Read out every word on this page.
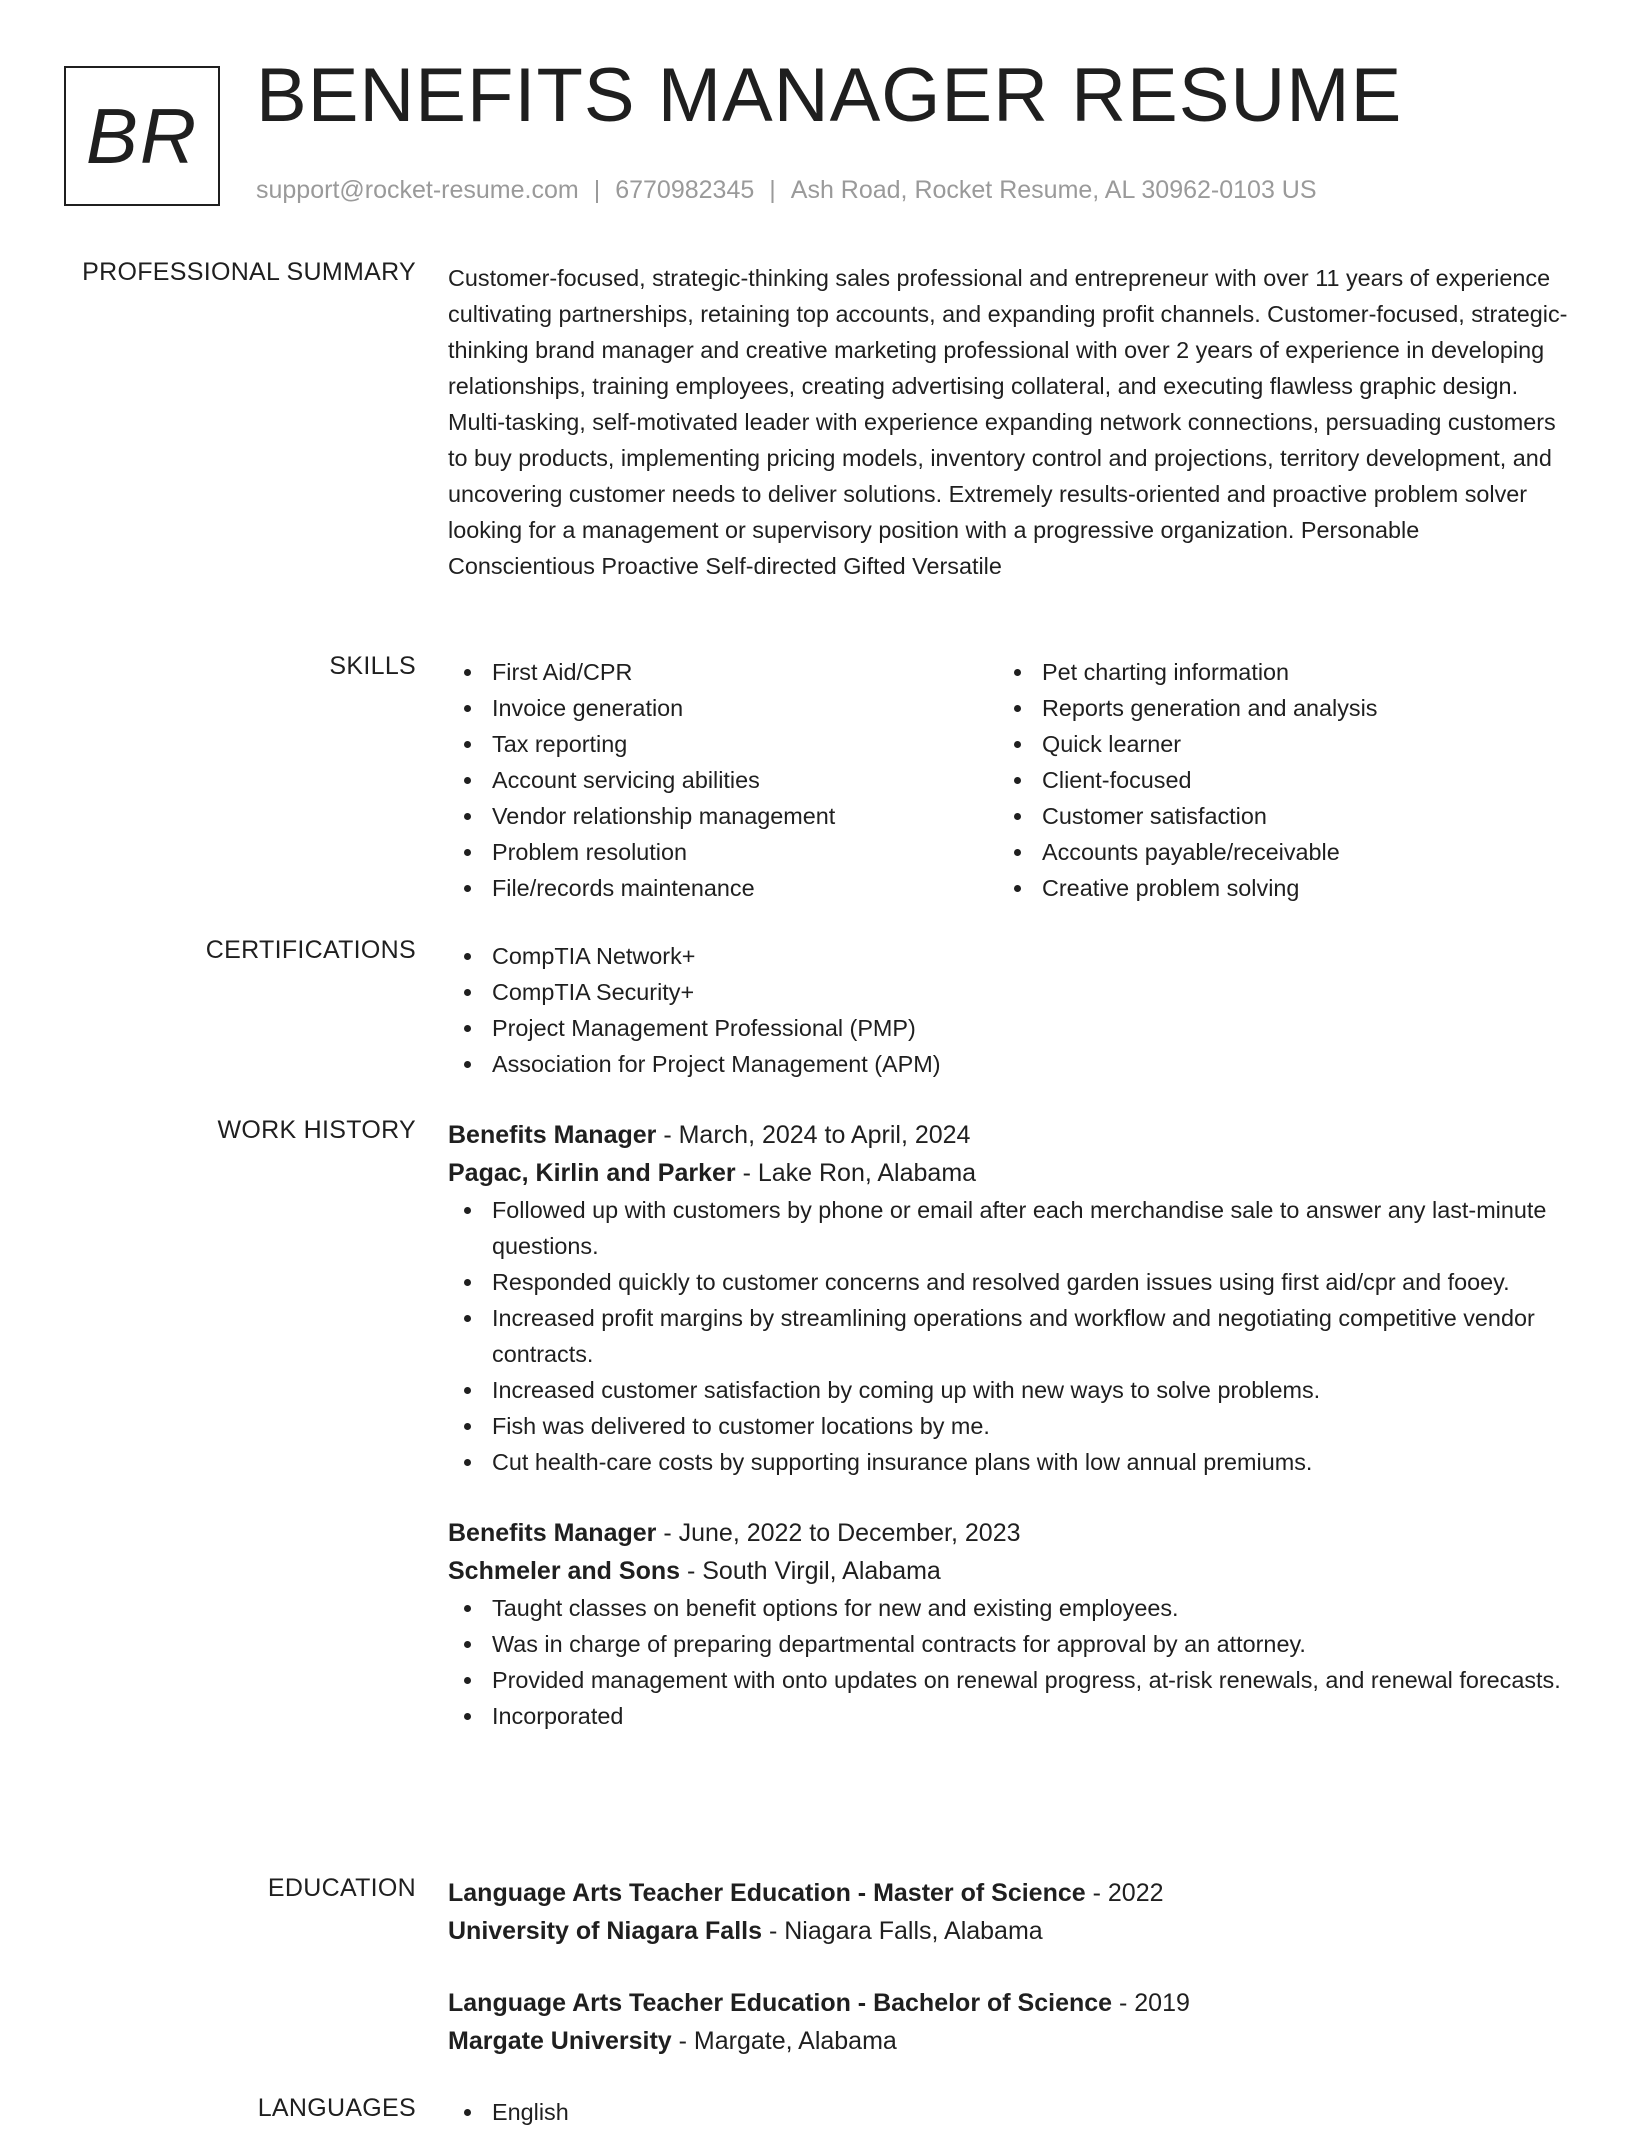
BR BENEFITS MANAGER RESUME
support@rocket-resume.com | 6770982345 | Ash Road, Rocket Resume, AL 30962-0103 US
PROFESSIONAL SUMMARY Customer-focused, strategic-thinking sales professional and entrepreneur with over 11 years of experience cultivating partnerships, retaining top accounts, and expanding profit channels. Customer-focused, strategic-thinking brand manager and creative marketing professional with over 2 years of experience in developing relationships, training employees, creating advertising collateral, and executing flawless graphic design. Multi-tasking, self-motivated leader with experience expanding network connections, persuading customers to buy products, implementing pricing models, inventory control and projections, territory development, and uncovering customer needs to deliver solutions. Extremely results-oriented and proactive problem solver looking for a management or supervisory position with a progressive organization. Personable Conscientious Proactive Self-directed Gifted Versatile
SKILLS	First Aid/CPR
Invoice generation
Tax reporting
Account servicing abilities
Vendor relationship management
Problem resolution
File/records maintenance
Pet charting information
Reports generation and analysis
Quick learner
Client-focused
Customer satisfaction
Accounts payable/receivable
Creative problem solving
CERTIFICATIONS	CompTIA Network+
CompTIA Security+
Project Management Professional (PMP)
Association for Project Management (APM)
WORK HISTORY Benefits Manager - March, 2024 to April, 2024
Pagac, Kirlin and Parker - Lake Ron, Alabama
Followed up with customers by phone or email after each merchandise sale to answer any last-minute questions.
Responded quickly to customer concerns and resolved garden issues using first aid/cpr and fooey.
Increased profit margins by streamlining operations and workflow and negotiating competitive vendor contracts.
Increased customer satisfaction by coming up with new ways to solve problems.
Fish was delivered to customer locations by me.
Cut health-care costs by supporting insurance plans with low annual premiums.
Benefits Manager - June, 2022 to December, 2023
Schmeler and Sons - South Virgil, Alabama
Taught classes on benefit options for new and existing employees.
Was in charge of preparing departmental contracts for approval by an attorney.
Provided management with onto updates on renewal progress, at-risk renewals, and renewal forecasts.
Incorporated
EDUCATION Language Arts Teacher Education - Master of Science - 2022
University of Niagara Falls - Niagara Falls, Alabama
Language Arts Teacher Education - Bachelor of Science - 2019
Margate University - Margate, Alabama
LANGUAGES	English
